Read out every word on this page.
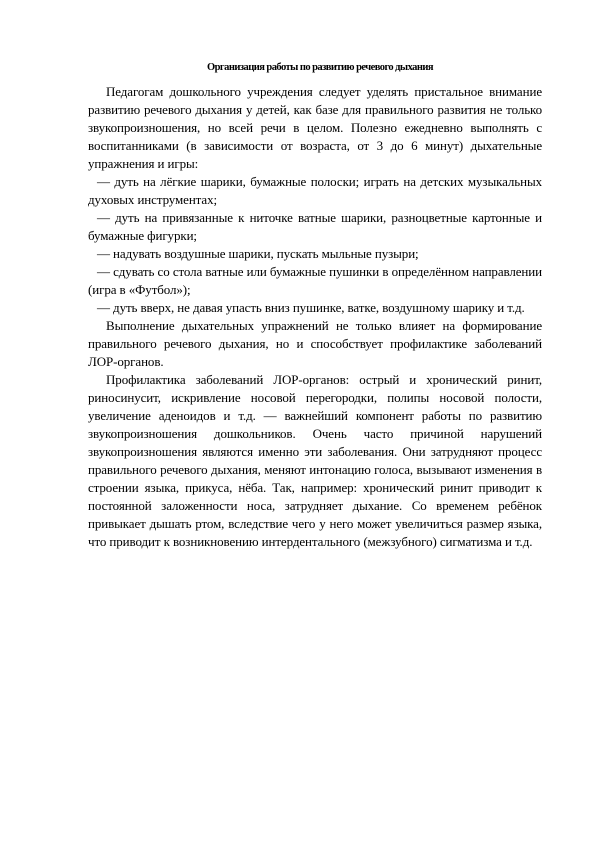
Организация работы по развитию речевого дыхания

Педагогам дошкольного учреждения следует уделять пристальное внимание развитию речевого дыхания у детей, как базе для правильного развития не только звукопроизношения, но всей речи в целом. Полезно ежедневно выполнять с воспитанниками (в зависимости от возраста, от 3 до 6 минут) дыхательные упражнения и игры:

— дуть на лёгкие шарики, бумажные полоски; играть на детских музыкальных духовых инструментах;

— дуть на привязанные к ниточке ватные шарики, разноцветные картонные и бумажные фигурки;

— надувать воздушные шарики, пускать мыльные пузыри;

— сдувать со стола ватные или бумажные пушинки в определённом направлении (игра в «Футбол»);

— дуть вверх, не давая упасть вниз пушинке, ватке, воздушному шарику и т.д.

Выполнение дыхательных упражнений не только влияет на формирование правильного речевого дыхания, но и способствует профилактике заболеваний ЛОР-органов.

Профилактика заболеваний ЛОР-органов: острый и хронический ринит, риносинусит, искривление носовой перегородки, полипы носовой полости, увеличение аденоидов и т.д. — важнейший компонент работы по развитию звукопроизношения дошкольников. Очень часто причиной нарушений звукопроизношения являются именно эти заболевания. Они затрудняют процесс правильного речевого дыхания, меняют интонацию голоса, вызывают изменения в строении языка, прикуса, нёба. Так, например: хронический ринит приводит к постоянной заложенности носа, затрудняет дыхание. Со временем ребёнок привыкает дышать ртом, вследствие чего у него может увеличиться размер языка, что приводит к возникновению интердентального (межзубного) сигматизма и т.д.
